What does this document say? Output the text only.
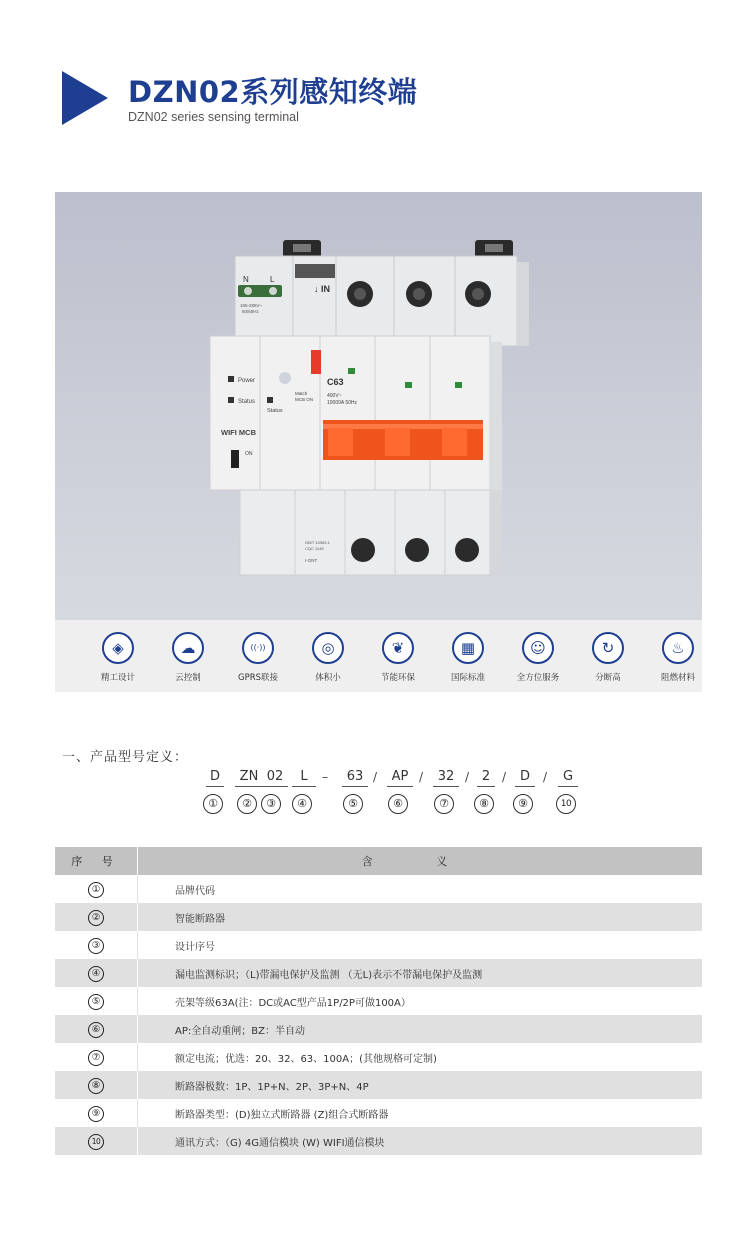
DZN02系列感知终端
DZN02 series sensing terminal
N	L
155-285V~
50/60Hz
↓ IN
Power
Status
WIFI MCB
ON
Match
MCB ON
Status
C63
400V~
10000A 50Hz
GB/T 10963.1
CQC 1145
I-ONT
◈
精工设计
☁
云控制
((·))
GPRS联接
◎
体积小
❦
节能环保
▦
国际标准
☺
全方位服务
↻
分断高
♨
阻燃材料
一、产品型号定义：
D	ZN 02	L	–	63 /	AP /	32 / 2 /	D	/	G
①	②	③	④	⑤	⑥	⑦	⑧	⑨	10
序 号	含 义
①	品牌代码
②	智能断路器
③	设计序号
④	漏电监测标识；（L)带漏电保护及监测 （无L)表示不带漏电保护及监测
⑤	壳架等级63A(注：DC或AC型产品1P/2P可做100A）
⑥	AP:全自动重闸；BZ：半自动
⑦	额定电流；优选：20、32、63、100A；(其他规格可定制)
⑧	断路器极数：1P、1P+N、2P、3P+N、4P
⑨	断路器类型：(D)独立式断路器 (Z)组合式断路器
10	通讯方式：（G) 4G通信模块 (W) WIFI通信模块
